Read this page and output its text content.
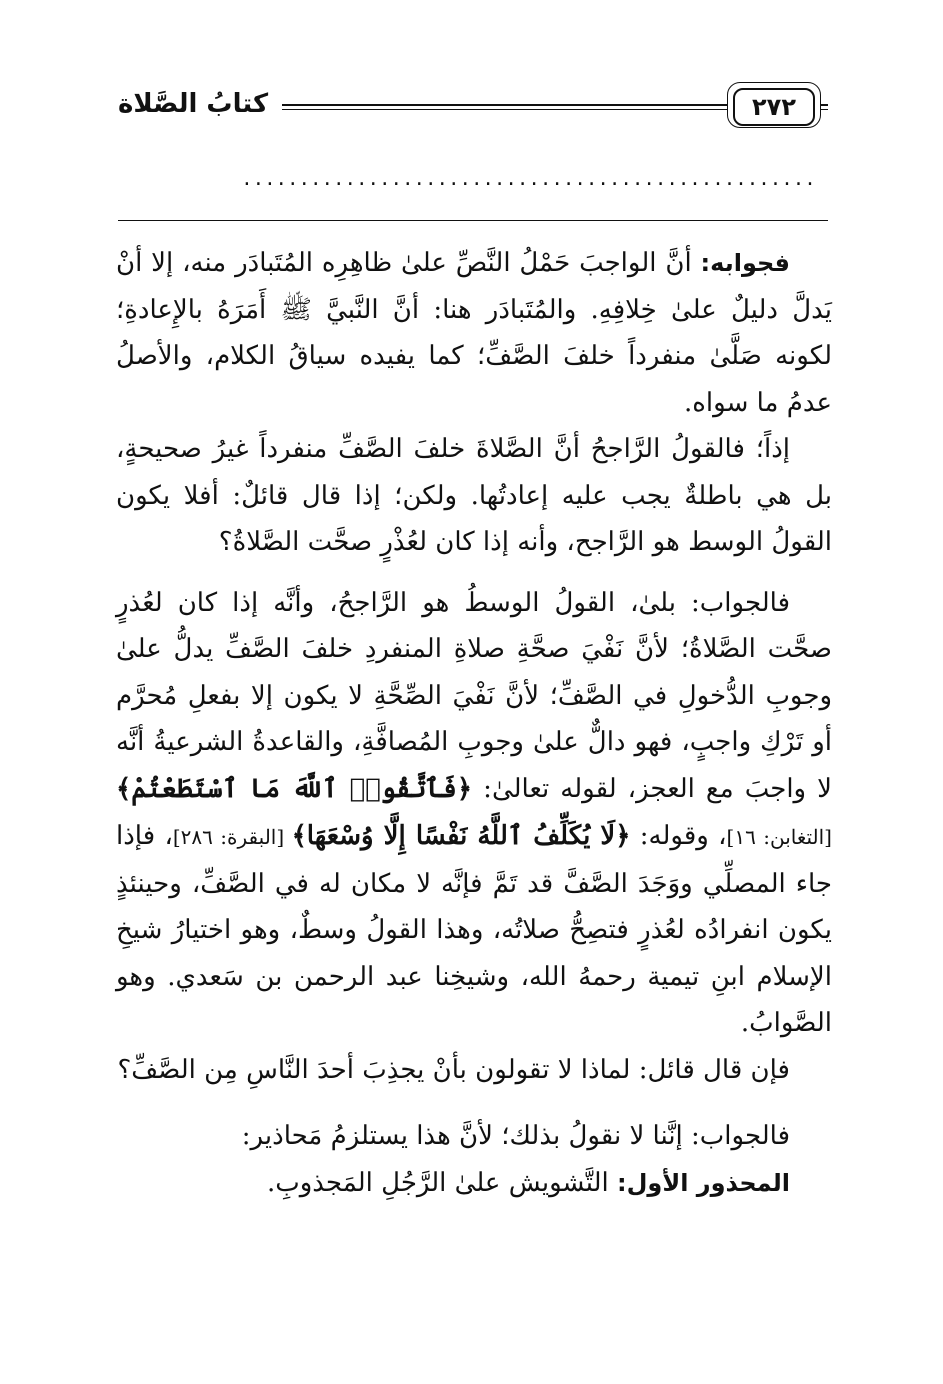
كتابُ الصَّلاة	٢٧٢
..................................................

فجوابه: أنَّ الواجبَ حَمْلُ النَّصِّ علىٰ ظاهِرِه المُتَبادَر منه، إلا أنْ يَدلَّ دليلٌ علىٰ خِلافِهِ. والمُتَبادَر هنا: أنَّ النَّبيَّ ﷺ أَمَرَهُ بالإِعادةِ؛ لكونه صَلَّىٰ منفرداً خلفَ الصَّفِّ؛ كما يفيده سياقُ الكلام، والأصلُ عدمُ ما سواه.

إذاً؛ فالقولُ الرَّاجحُ أنَّ الصَّلاةَ خلفَ الصَّفِّ منفرداً غيرُ صحيحةٍ، بل هي باطلةٌ يجب عليه إعادتُها. ولكن؛ إذا قال قائلٌ: أفلا يكون القولُ الوسط هو الرَّاجح، وأنه إذا كان لعُذْرٍ صحَّت الصَّلاةُ؟

فالجواب: بلىٰ، القولُ الوسطُ هو الرَّاجحُ، وأنَّه إذا كان لعُذرٍ صحَّت الصَّلاةُ؛ لأنَّ نَفْيَ صحَّةِ صلاةِ المنفردِ خلفَ الصَّفِّ يدلُّ علىٰ وجوبِ الدُّخولِ في الصَّفِّ؛ لأنَّ نَفْيَ الصِّحَّةِ لا يكون إلا بفعلِ مُحرَّم أو تَرْكِ واجبٍ، فهو دالٌّ علىٰ وجوبِ المُصافَّةِ، والقاعدةُ الشرعيةُ أنَّه لا واجبَ مع العجز، لقوله تعالىٰ: ﴿فَٱتَّقُوا۟ ٱللَّهَ مَا ٱسْتَطَعْتُمْ﴾ [التغابن: ١٦]، وقوله: ﴿لَا يُكَلِّفُ ٱللَّهُ نَفْسًا إِلَّا وُسْعَهَا﴾ [البقرة: ٢٨٦]، فإذا جاء المصلِّي ووَجَدَ الصَّفَّ قد تَمَّ فإنَّه لا مكان له في الصَّفِّ، وحينئذٍ يكون انفرادُه لعُذرٍ فتصِحُّ صلاتُه، وهذا القولُ وسطٌ، وهو اختيارُ شيخِ الإسلام ابنِ تيمية رحمهُ الله، وشيخِنا عبد الرحمن بن سَعدي. وهو الصَّوابُ.

فإن قال قائل: لماذا لا تقولون بأنْ يجذِبَ أحدَ النَّاسِ مِن الصَّفِّ؟

فالجواب: إنَّنا لا نقولُ بذلك؛ لأنَّ هذا يستلزمُ مَحاذير:

المحذور الأول: التَّشويش علىٰ الرَّجُلِ المَجذوبِ.
